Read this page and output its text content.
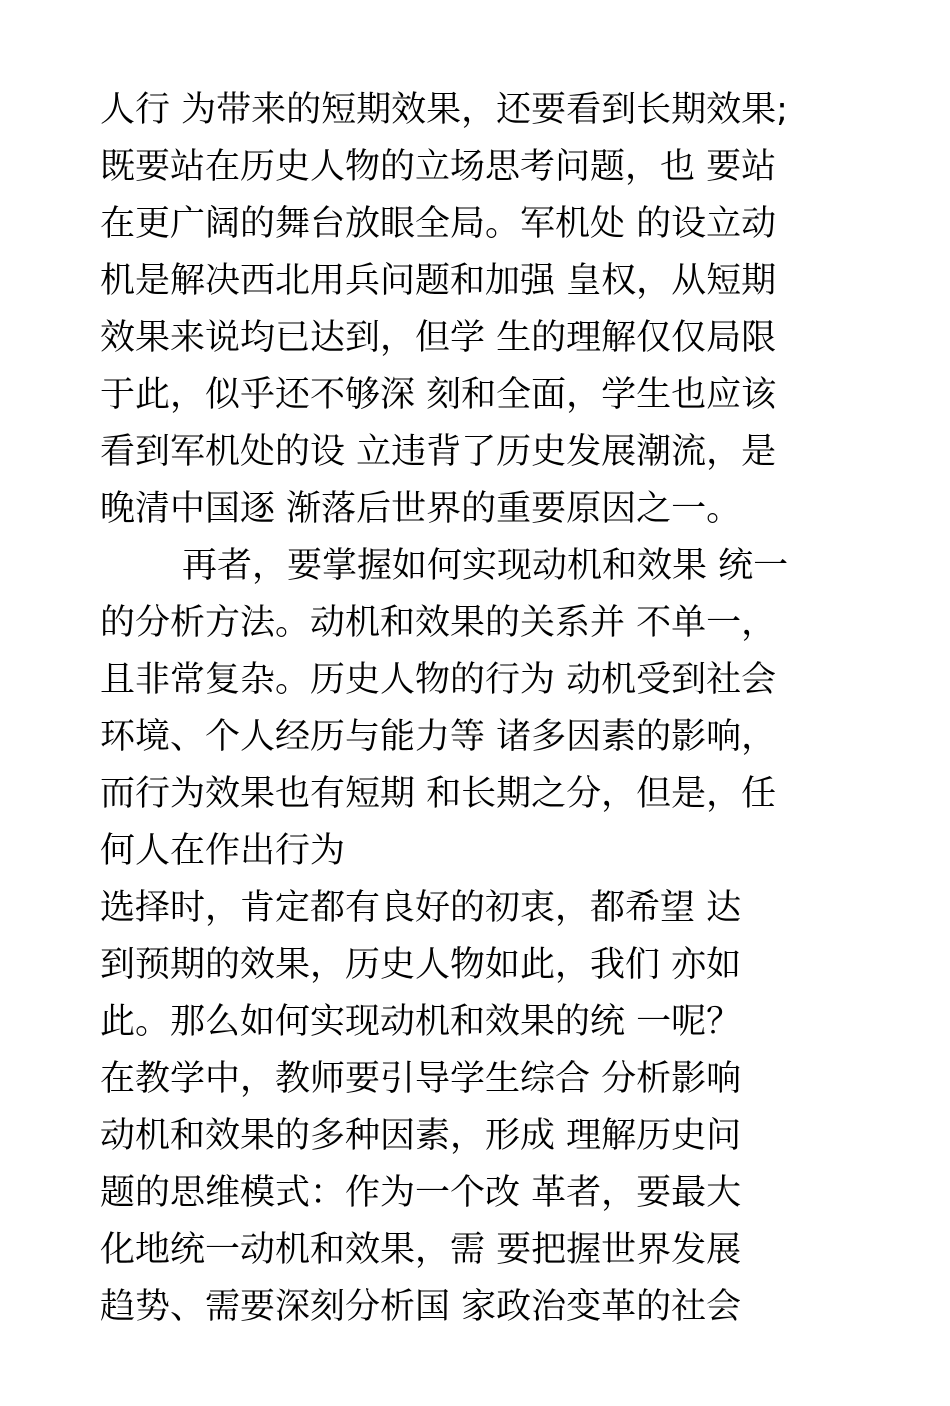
人行 为带来的短期效果，还要看到长期效果;
既要站在历史人物的立场思考问题，也 要站
在更广阔的舞台放眼全局。军机处 的设立动
机是解决西北用兵问题和加强 皇权，从短期
效果来说均已达到，但学 生的理解仅仅局限
于此，似乎还不够深 刻和全面，学生也应该
看到军机处的设 立违背了历史发展潮流，是
晚清中国逐 渐落后世界的重要原因之一。
再者，要掌握如何实现动机和效果 统一
的分析方法。动机和效果的关系并 不单一，
且非常复杂。历史人物的行为 动机受到社会
环境、个人经历与能力等 诸多因素的影响，
而行为效果也有短期 和长期之分，但是，任
何人在作出行为
选择时，肯定都有良好的初衷，都希望 达
到预期的效果，历史人物如此，我们 亦如
此。那么如何实现动机和效果的统 一呢？
在教学中，教师要引导学生综合 分析影响
动机和效果的多种因素，形成 理解历史问
题的思维模式：作为一个改 革者，要最大
化地统一动机和效果，需 要把握世界发展
趋势、需要深刻分析国 家政治变革的社会
